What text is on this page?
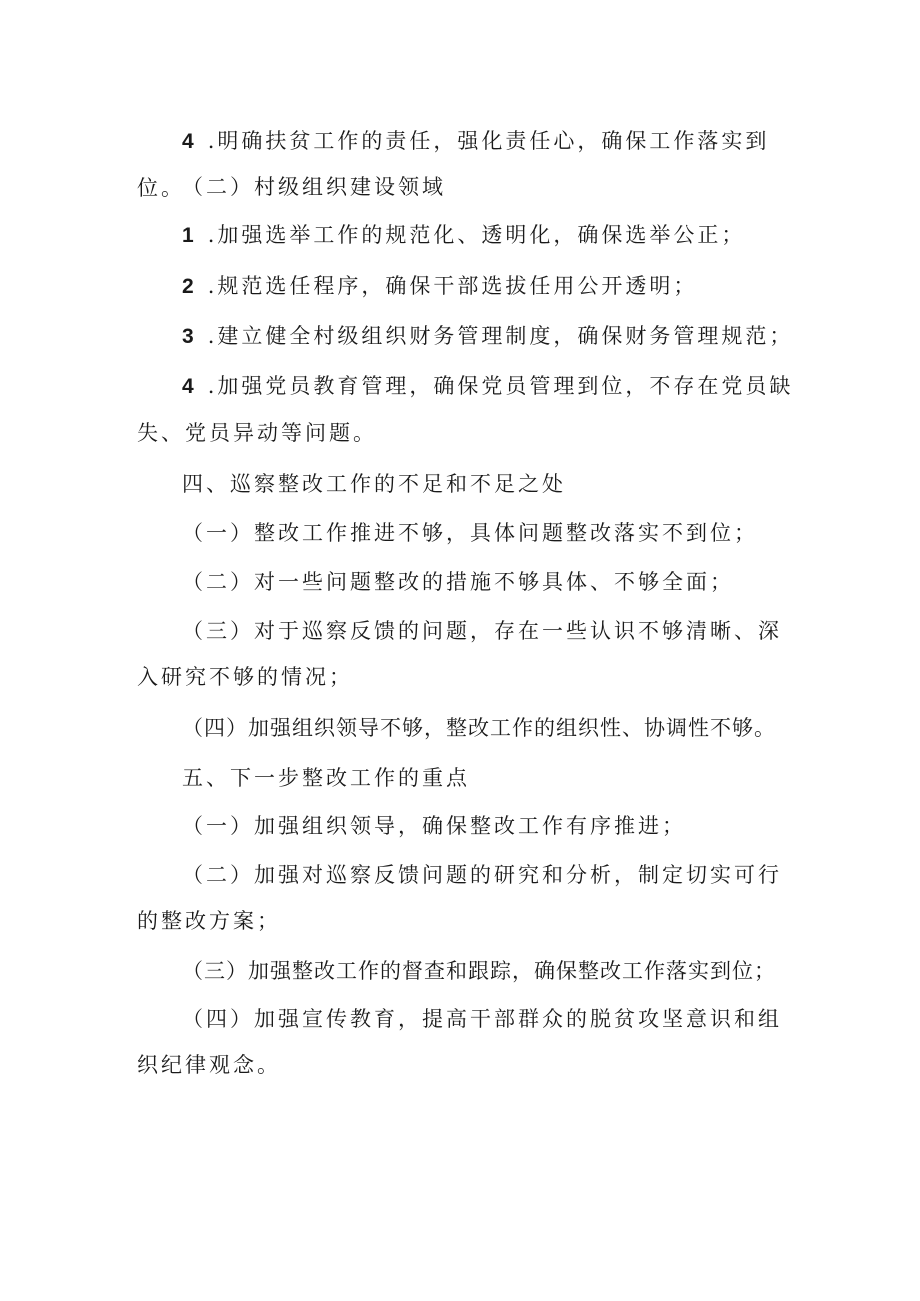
4 .明确扶贫工作的责任，强化责任心，确保工作落实到位。

（二）村级组织建设领域

1 .加强选举工作的规范化、透明化，确保选举公正；

2 .规范选任程序，确保干部选拔任用公开透明；

3 .建立健全村级组织财务管理制度，确保财务管理规范；

4 .加强党员教育管理，确保党员管理到位，不存在党员缺失、党员异动等问题。

四、巡察整改工作的不足和不足之处

（一）整改工作推进不够，具体问题整改落实不到位；

（二）对一些问题整改的措施不够具体、不够全面；

（三）对于巡察反馈的问题，存在一些认识不够清晰、深入研究不够的情况；

（四）加强组织领导不够，整改工作的组织性、协调性不够。

五、下一步整改工作的重点

（一）加强组织领导，确保整改工作有序推进；

（二）加强对巡察反馈问题的研究和分析，制定切实可行的整改方案；

（三）加强整改工作的督查和跟踪，确保整改工作落实到位；

（四）加强宣传教育，提高干部群众的脱贫攻坚意识和组织纪律观念。
